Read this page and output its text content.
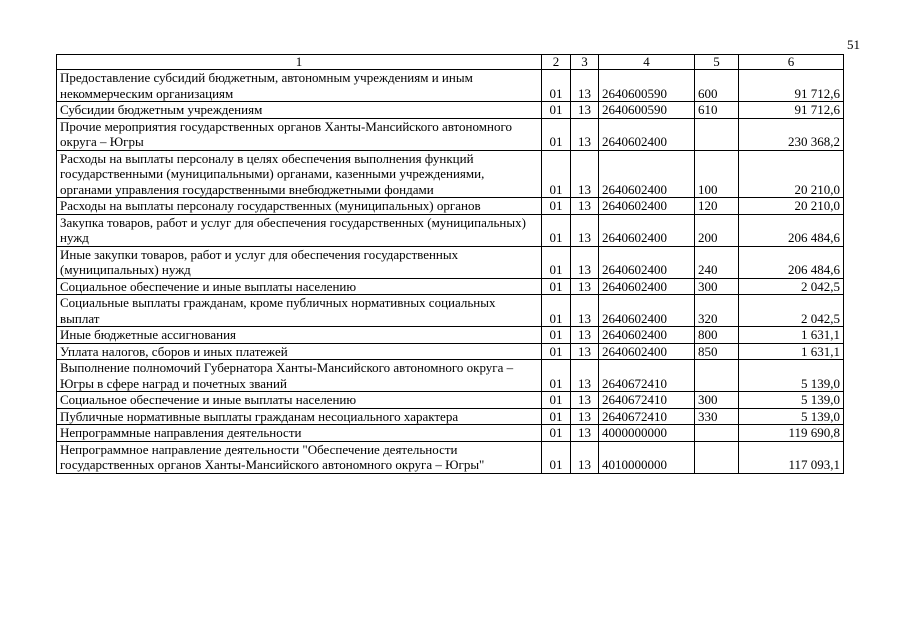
51
1	2	3	4	5	6
Предоставление субсидий бюджетным, автономным учреждениям и иным некоммерческим организациям	01	13	2640600590	600	91 712,6
Субсидии бюджетным учреждениям	01	13	2640600590	610	91 712,6
Прочие мероприятия государственных органов Ханты-Мансийского автономного округа – Югры	01	13	2640602400		230 368,2
Расходы на выплаты персоналу в целях обеспечения выполнения функций государственными (муниципальными) органами, казенными учреждениями, органами управления государственными внебюджетными фондами	01	13	2640602400	100	20 210,0
Расходы на выплаты персоналу государственных (муниципальных) органов	01	13	2640602400	120	20 210,0
Закупка товаров, работ и услуг для обеспечения государственных (муниципальных) нужд	01	13	2640602400	200	206 484,6
Иные закупки товаров, работ и услуг для обеспечения государственных (муниципальных) нужд	01	13	2640602400	240	206 484,6
Социальное обеспечение и иные выплаты населению	01	13	2640602400	300	2 042,5
Социальные выплаты гражданам, кроме публичных нормативных социальных выплат	01	13	2640602400	320	2 042,5
Иные бюджетные ассигнования	01	13	2640602400	800	1 631,1
Уплата налогов, сборов и иных платежей	01	13	2640602400	850	1 631,1
Выполнение полномочий Губернатора Ханты-Мансийского автономного округа – Югры в сфере наград и почетных званий	01	13	2640672410		5 139,0
Социальное обеспечение и иные выплаты населению	01	13	2640672410	300	5 139,0
Публичные нормативные выплаты гражданам несоциального характера	01	13	2640672410	330	5 139,0
Непрограммные направления деятельности	01	13	4000000000		119 690,8
Непрограммное направление деятельности "Обеспечение деятельности государственных органов Ханты-Мансийского автономного округа – Югры"	01	13	4010000000		117 093,1
